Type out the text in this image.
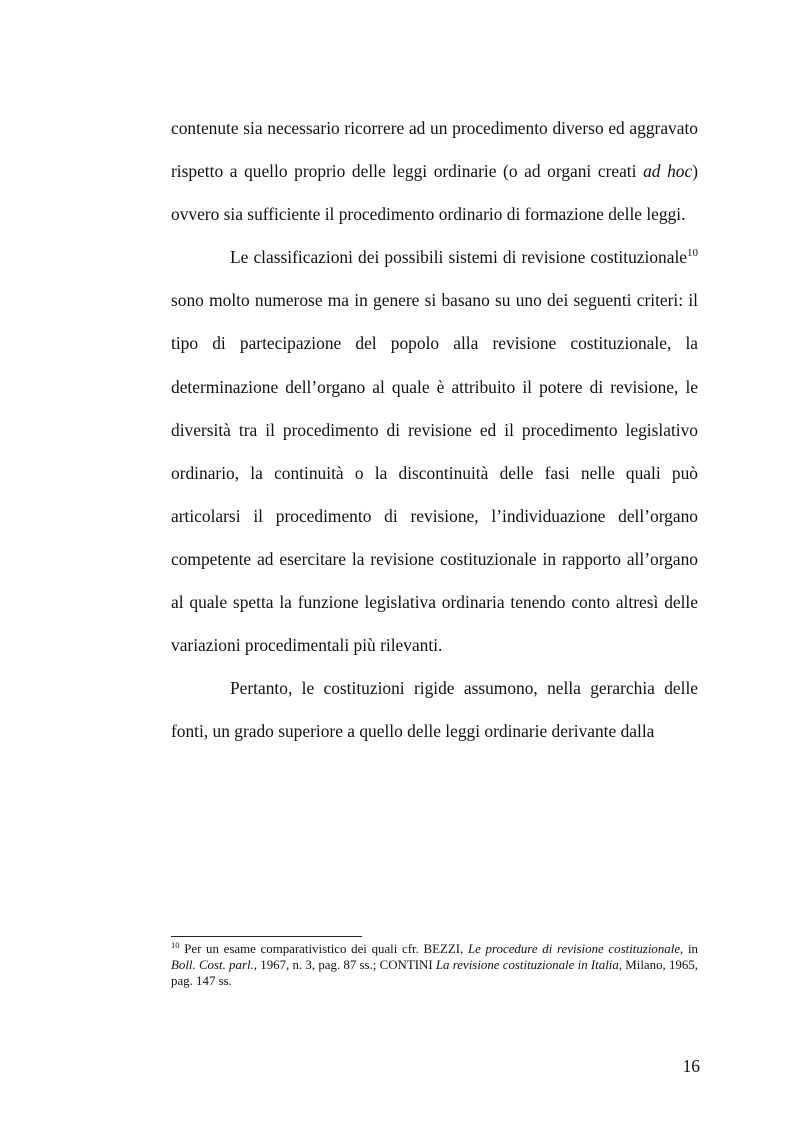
contenute sia necessario ricorrere ad un procedimento diverso ed aggravato rispetto a quello proprio delle leggi ordinarie (o ad organi creati ad hoc) ovvero sia sufficiente il procedimento ordinario di formazione delle leggi.

Le classificazioni dei possibili sistemi di revisione costituzionale$^{10}$ sono molto numerose ma in genere si basano su uno dei seguenti criteri: il tipo di partecipazione del popolo alla revisione costituzionale, la determinazione dell’organo al quale è attribuito il potere di revisione, le diversità tra il procedimento di revisione ed il procedimento legislativo ordinario, la continuità o la discontinuità delle fasi nelle quali può articolarsi il procedimento di revisione, l’individuazione dell’organo competente ad esercitare la revisione costituzionale in rapporto all’organo al quale spetta la funzione legislativa ordinaria tenendo conto altresì delle variazioni procedimentali più rilevanti.

Pertanto, le costituzioni rigide assumono, nella gerarchia delle fonti, un grado superiore a quello delle leggi ordinarie derivante dalla

$^{10}$ Per un esame comparativistico dei quali cfr. BEZZI, Le procedure di revisione costituzionale, in Boll. Cost. parl., 1967, n. 3, pag. 87 ss.; CONTINI La revisione costituzionale in Italia, Milano, 1965, pag. 147 ss.
16
